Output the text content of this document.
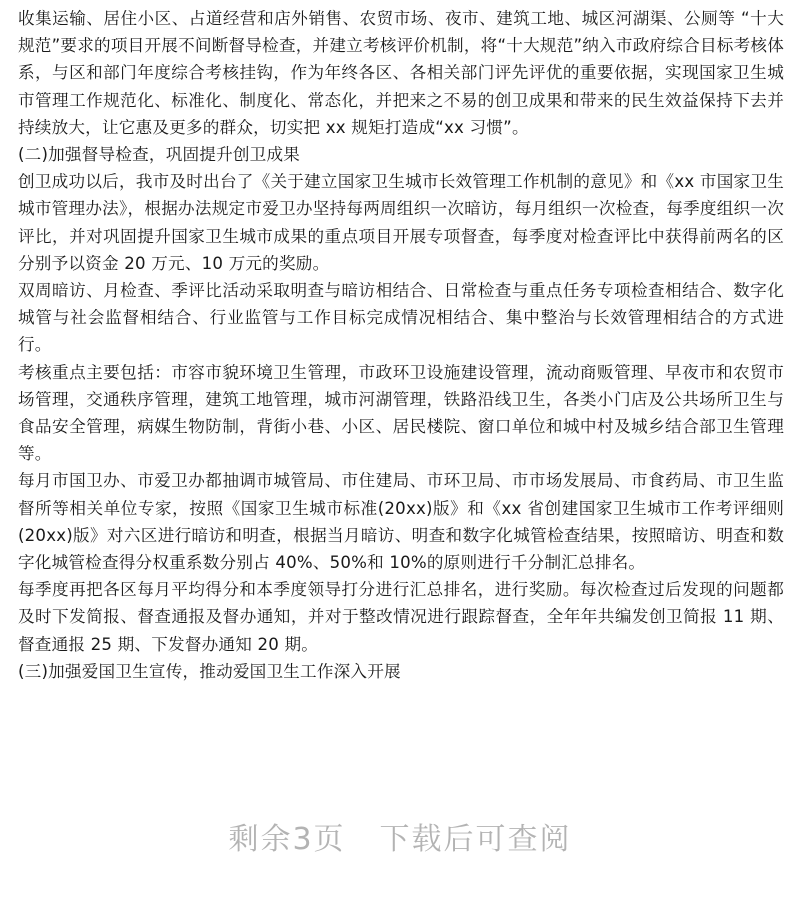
收集运输、居住小区、占道经营和店外销售、农贸市场、夜市、建筑工地、城区河湖渠、公厕等 “十大规范”要求的项目开展不间断督导检查，并建立考核评价机制，将“十大规范”纳入市政府综合目标考核体系，与区和部门年度综合考核挂钩，作为年终各区、各相关部门评先评优的重要依据，实现国家卫生城市管理工作规范化、标准化、制度化、常态化，并把来之不易的创卫成果和带来的民生效益保持下去并持续放大，让它惠及更多的群众，切实把 xx 规矩打造成“xx 习惯”。

(二)加强督导检查，巩固提升创卫成果

创卫成功以后，我市及时出台了《关于建立国家卫生城市长效管理工作机制的意见》和《xx 市国家卫生城市管理办法》，根据办法规定市爱卫办坚持每两周组织一次暗访，每月组织一次检查，每季度组织一次评比，并对巩固提升国家卫生城市成果的重点项目开展专项督查，每季度对检查评比中获得前两名的区分别予以资金 20 万元、10 万元的奖励。

双周暗访、月检查、季评比活动采取明查与暗访相结合、日常检查与重点任务专项检查相结合、数字化城管与社会监督相结合、行业监管与工作目标完成情况相结合、集中整治与长效管理相结合的方式进行。

考核重点主要包括：市容市貌环境卫生管理，市政环卫设施建设管理，流动商贩管理、早夜市和农贸市场管理，交通秩序管理，建筑工地管理，城市河湖管理，铁路沿线卫生，各类小门店及公共场所卫生与食品安全管理，病媒生物防制，背街小巷、小区、居民楼院、窗口单位和城中村及城乡结合部卫生管理等。

每月市国卫办、市爱卫办都抽调市城管局、市住建局、市环卫局、市市场发展局、市食药局、市卫生监督所等相关单位专家，按照《国家卫生城市标准(20xx)版》和《xx 省创建国家卫生城市工作考评细则(20xx)版》对六区进行暗访和明查，根据当月暗访、明查和数字化城管检查结果，按照暗访、明查和数字化城管检查得分权重系数分别占 40%、50%和 10%的原则进行千分制汇总排名。

每季度再把各区每月平均得分和本季度领导打分进行汇总排名，进行奖励。每次检查过后发现的问题都及时下发简报、督查通报及督办通知，并对于整改情况进行跟踪督查，全年年共编发创卫简报 11 期、督查通报 25 期、下发督办通知 20 期。

(三)加强爱国卫生宣传，推动爱国卫生工作深入开展

剩余3页 下载后可查阅
